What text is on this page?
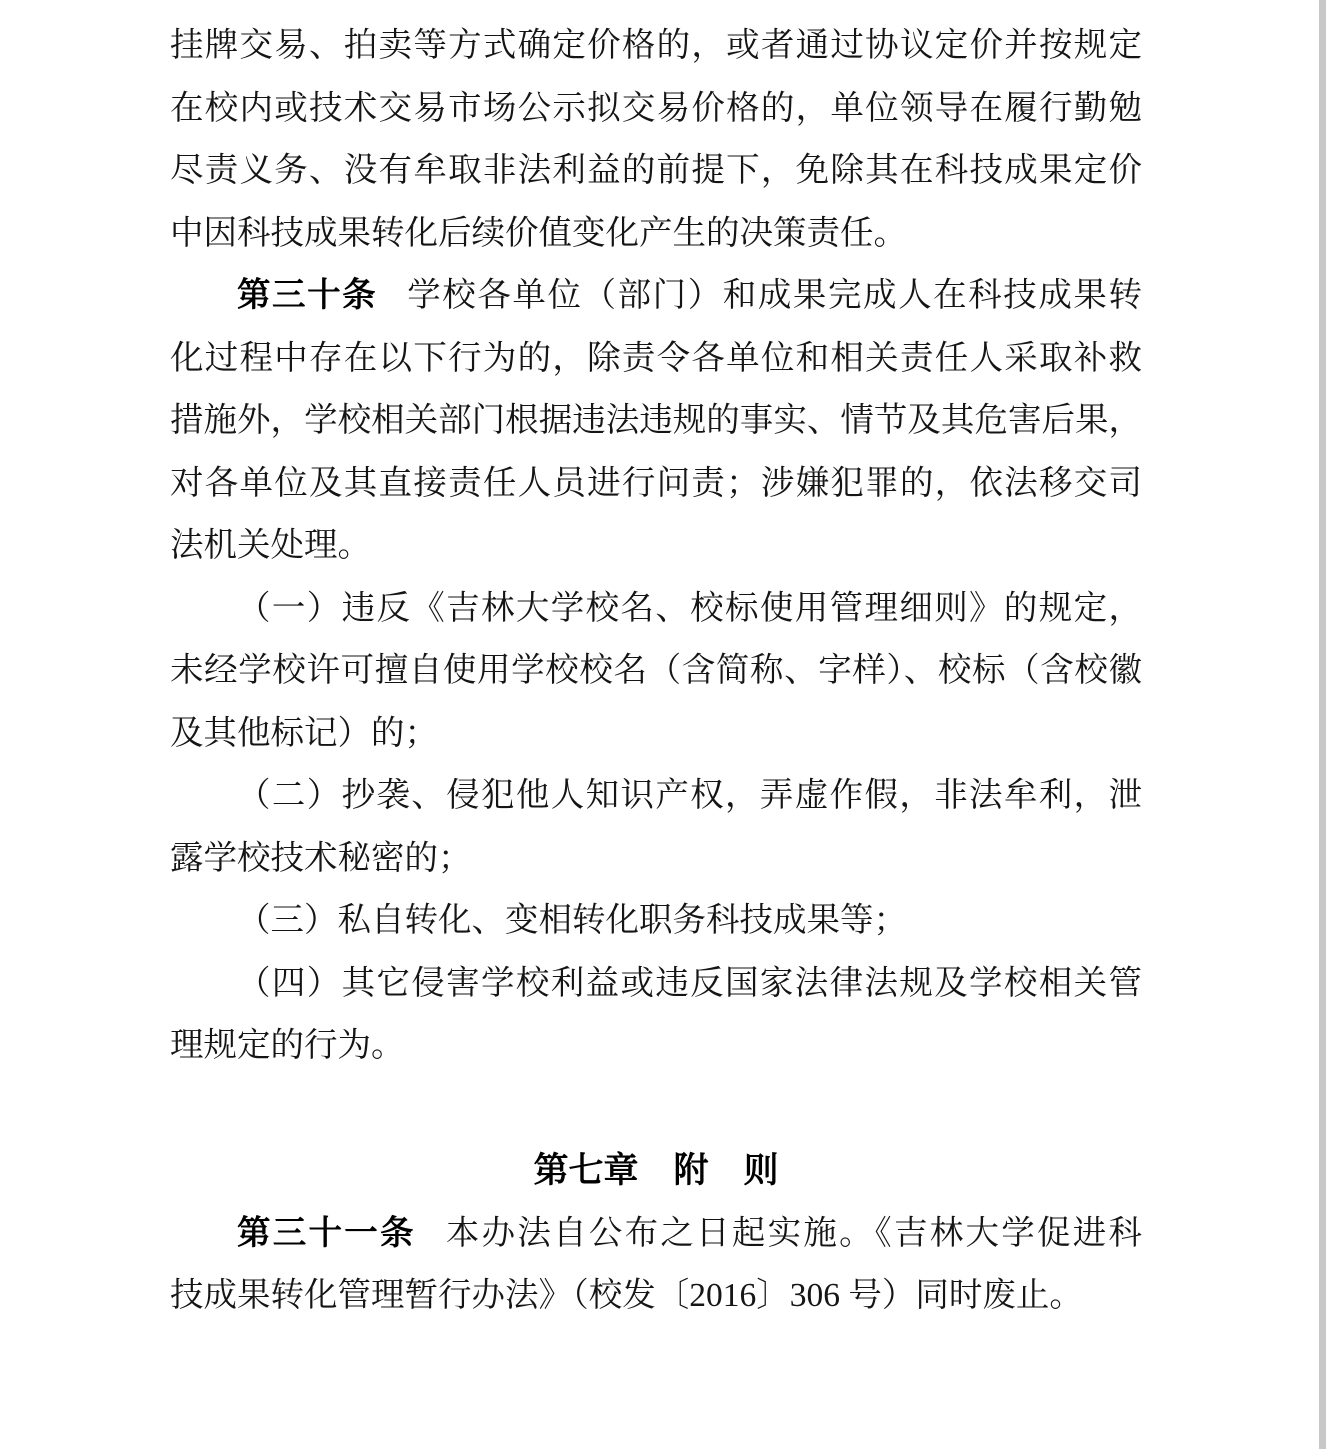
挂牌交易、拍卖等方式确定价格的，或者通过协议定价并按规定
在校内或技术交易市场公示拟交易价格的，单位领导在履行勤勉
尽责义务、没有牟取非法利益的前提下，免除其在科技成果定价
中因科技成果转化后续价值变化产生的决策责任。
第三十条 学校各单位（部门）和成果完成人在科技成果转
化过程中存在以下行为的，除责令各单位和相关责任人采取补救
措施外，学校相关部门根据违法违规的事实、情节及其危害后果，
对各单位及其直接责任人员进行问责；涉嫌犯罪的，依法移交司
法机关处理。
（一）违反《吉林大学校名、校标使用管理细则》的规定，
未经学校许可擅自使用学校校名（含简称、字样）、校标（含校徽
及其他标记）的；
（二）抄袭、侵犯他人知识产权，弄虚作假，非法牟利，泄
露学校技术秘密的；
（三）私自转化、变相转化职务科技成果等；
（四）其它侵害学校利益或违反国家法律法规及学校相关管
理规定的行为。
第七章　附　则
第三十一条 本办法自公布之日起实施。《吉林大学促进科
技成果转化管理暂行办法》（校发〔2016〕306 号）同时废止。
